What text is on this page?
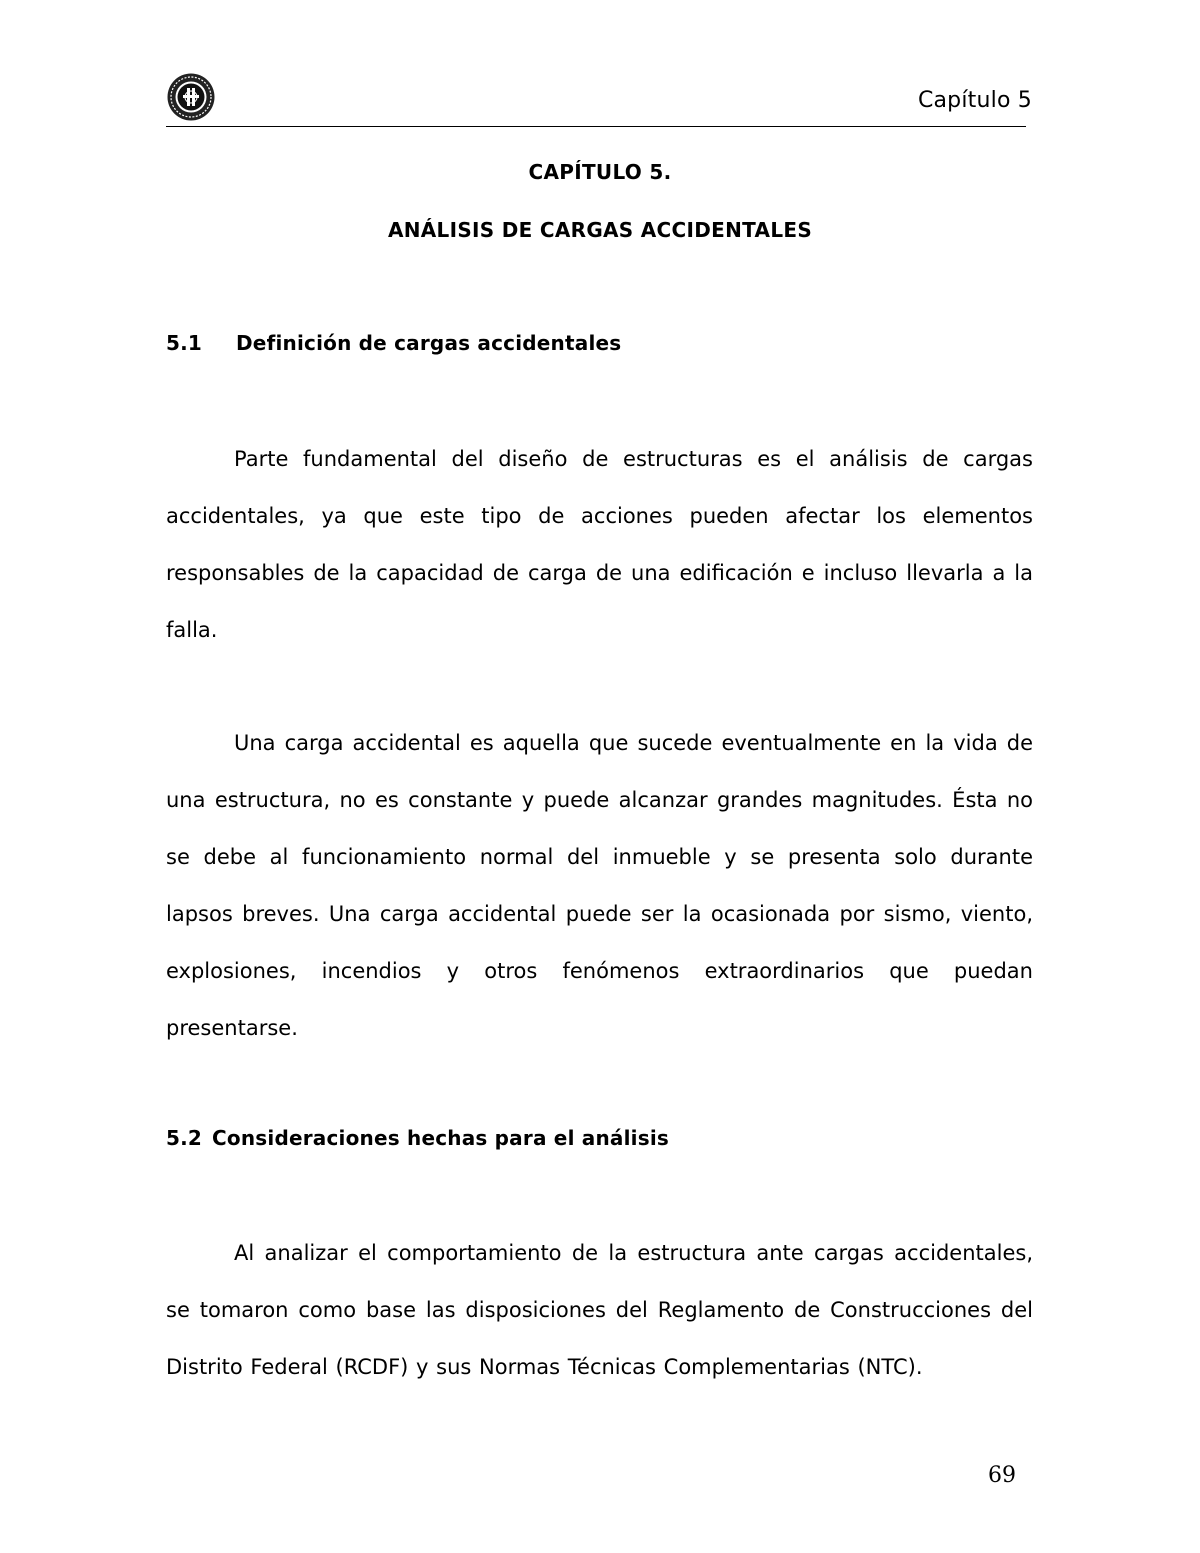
Capítulo 5
CAPÍTULO 5.
ANÁLISIS DE CARGAS ACCIDENTALES
5.1 Definición de cargas accidentales
Parte fundamental del diseño de estructuras es el análisis de cargas accidentales, ya que este tipo de acciones pueden afectar los elementos responsables de la capacidad de carga de una edificación e incluso llevarla a la falla.
Una carga accidental es aquella que sucede eventualmente en la vida de una estructura, no es constante y puede alcanzar grandes magnitudes. Ésta no se debe al funcionamiento normal del inmueble y se presenta solo durante lapsos breves. Una carga accidental puede ser la ocasionada por sismo, viento, explosiones, incendios y otros fenómenos extraordinarios que puedan presentarse.
5.2 Consideraciones hechas para el análisis
Al analizar el comportamiento de la estructura ante cargas accidentales, se tomaron como base las disposiciones del Reglamento de Construcciones del Distrito Federal (RCDF) y sus Normas Técnicas Complementarias (NTC).
69
